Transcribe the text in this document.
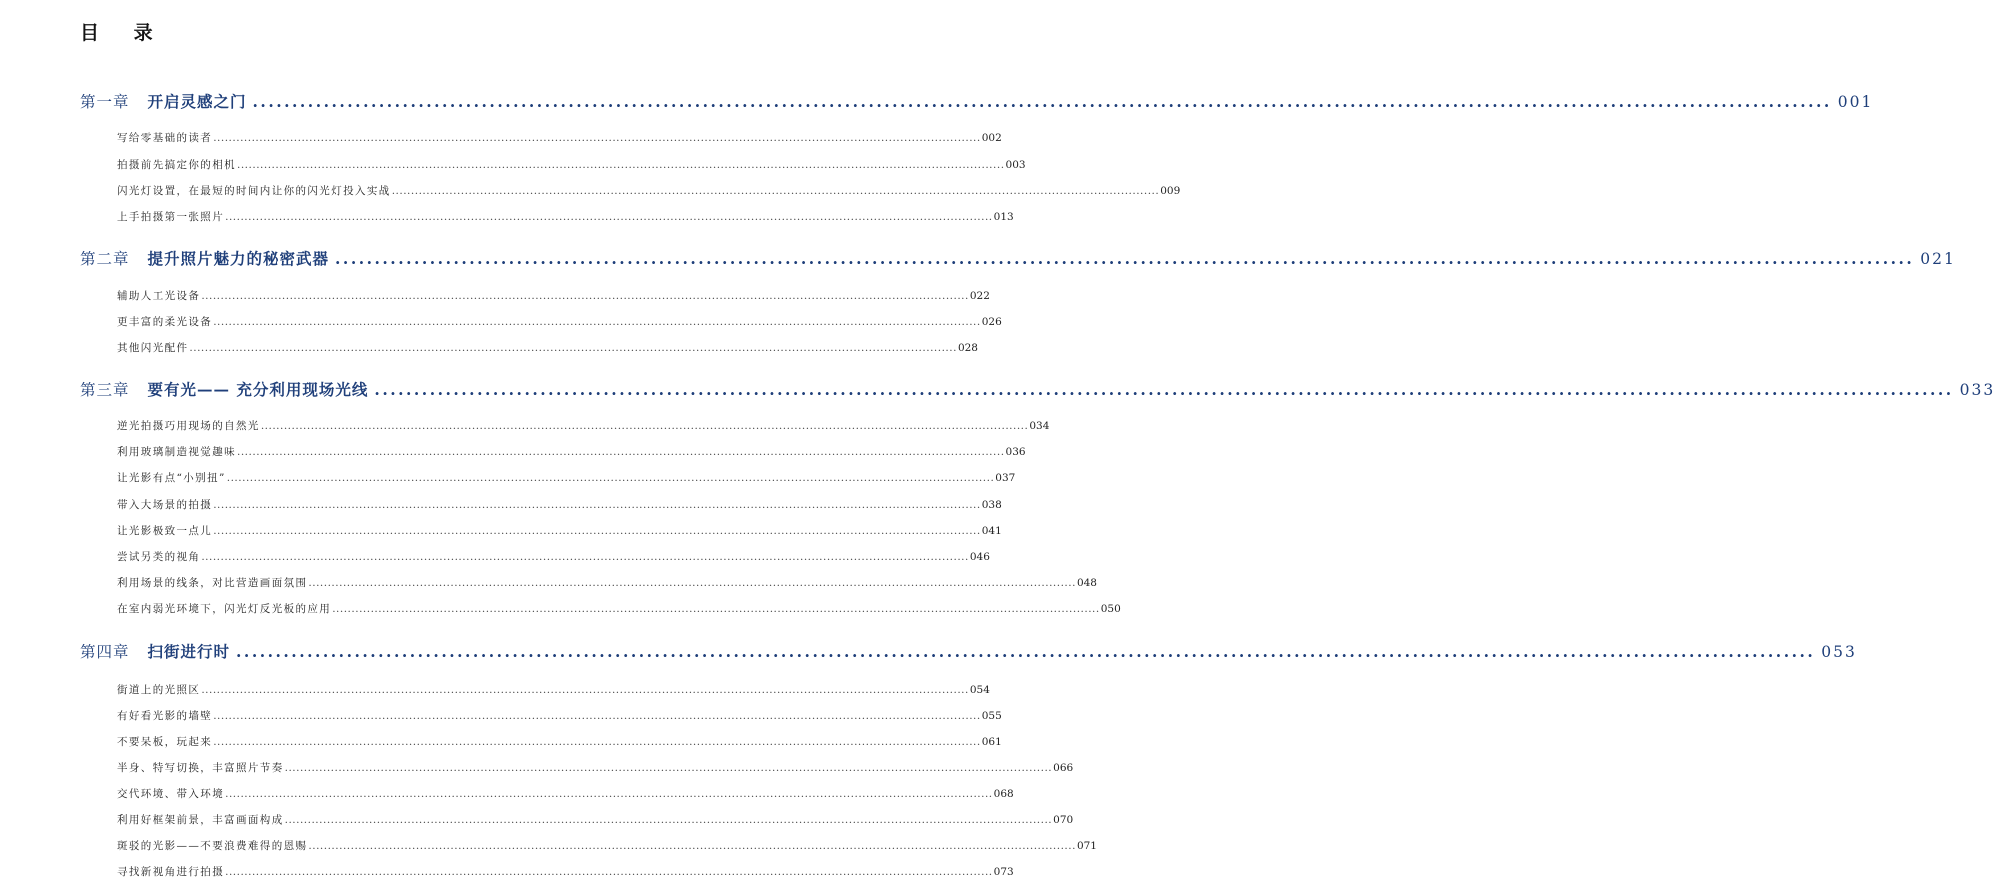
目 录
第一章 开启灵感之门 ........................................................................................................................................................................................................ 001
写给零基础的读者 ........................................................................................................................................................................................................ 002
拍摄前先搞定你的相机 ........................................................................................................................................................................................................ 003
闪光灯设置，在最短的时间内让你的闪光灯投入实战 ........................................................................................................................................................................................................ 009
上手拍摄第一张照片 ........................................................................................................................................................................................................ 013
第二章 提升照片魅力的秘密武器 ........................................................................................................................................................................................................ 021
辅助人工光设备 ........................................................................................................................................................................................................ 022
更丰富的柔光设备 ........................................................................................................................................................................................................ 026
其他闪光配件 ........................................................................................................................................................................................................ 028
第三章 要有光—— 充分利用现场光线 ........................................................................................................................................................................................................ 033
逆光拍摄巧用现场的自然光 ........................................................................................................................................................................................................ 034
利用玻璃制造视觉趣味 ........................................................................................................................................................................................................ 036
让光影有点“小别扭” ........................................................................................................................................................................................................ 037
带入大场景的拍摄 ........................................................................................................................................................................................................ 038
让光影极致一点儿 ........................................................................................................................................................................................................ 041
尝试另类的视角 ........................................................................................................................................................................................................ 046
利用场景的线条，对比营造画面氛围 ........................................................................................................................................................................................................ 048
在室内弱光环境下，闪光灯反光板的应用 ........................................................................................................................................................................................................ 050
第四章 扫街进行时 ........................................................................................................................................................................................................ 053
街道上的光照区 ........................................................................................................................................................................................................ 054
有好看光影的墙壁 ........................................................................................................................................................................................................ 055
不要呆板，玩起来 ........................................................................................................................................................................................................ 061
半身、特写切换，丰富照片节奏 ........................................................................................................................................................................................................ 066
交代环境、带入环境 ........................................................................................................................................................................................................ 068
利用好框架前景，丰富画面构成 ........................................................................................................................................................................................................ 070
斑驳的光影——不要浪费难得的恩赐 ........................................................................................................................................................................................................ 071
寻找新视角进行拍摄 ........................................................................................................................................................................................................ 073
